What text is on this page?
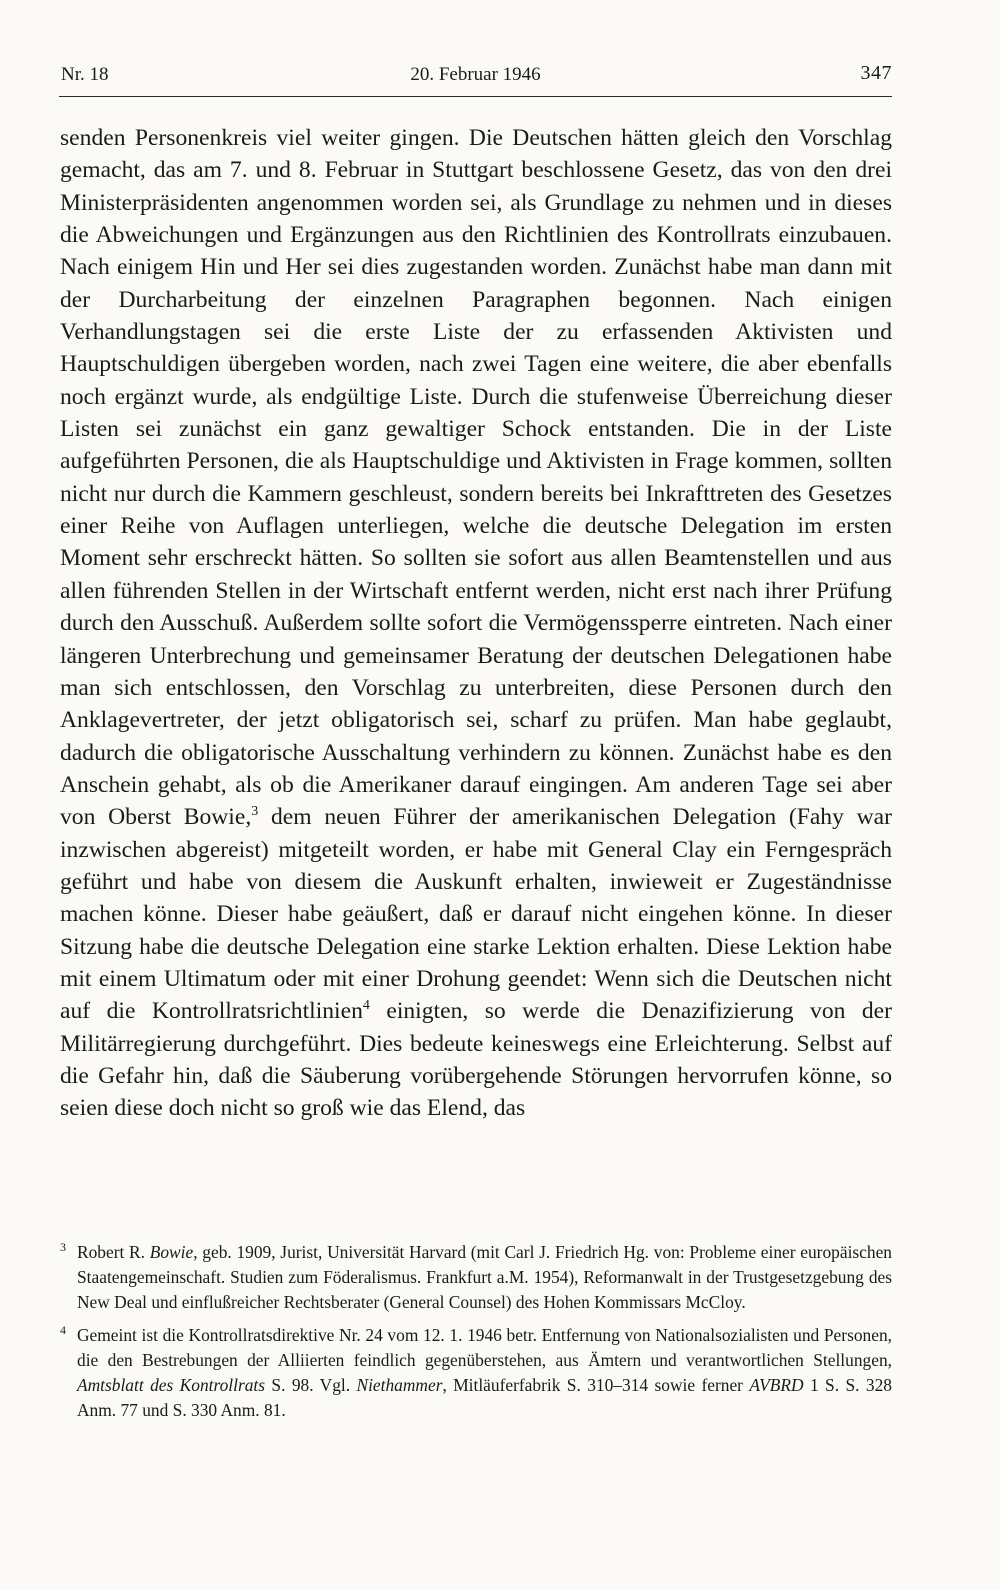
Nr. 18	20. Februar 1946	347

senden Personenkreis viel weiter gingen. Die Deutschen hätten gleich den Vorschlag gemacht, das am 7. und 8. Februar in Stuttgart beschlossene Gesetz, das von den drei Ministerpräsidenten angenommen worden sei, als Grundlage zu nehmen und in dieses die Abweichungen und Ergänzungen aus den Richtlinien des Kontrollrats einzubauen. Nach einigem Hin und Her sei dies zugestanden worden. Zunächst habe man dann mit der Durcharbeitung der einzelnen Paragraphen begonnen. Nach einigen Verhandlungstagen sei die erste Liste der zu erfassenden Aktivisten und Hauptschuldigen übergeben worden, nach zwei Tagen eine weitere, die aber ebenfalls noch ergänzt wurde, als endgültige Liste. Durch die stufenweise Überreichung dieser Listen sei zunächst ein ganz gewaltiger Schock entstanden. Die in der Liste aufgeführten Personen, die als Hauptschuldige und Aktivisten in Frage kommen, sollten nicht nur durch die Kammern geschleust, sondern bereits bei Inkrafttreten des Gesetzes einer Reihe von Auflagen unterliegen, welche die deutsche Delegation im ersten Moment sehr erschreckt hätten. So sollten sie sofort aus allen Beamtenstellen und aus allen führenden Stellen in der Wirtschaft entfernt werden, nicht erst nach ihrer Prüfung durch den Ausschuß. Außerdem sollte sofort die Vermögenssperre eintreten. Nach einer längeren Unterbrechung und gemeinsamer Beratung der deutschen Delegationen habe man sich entschlossen, den Vorschlag zu unterbreiten, diese Personen durch den Anklagevertreter, der jetzt obligatorisch sei, scharf zu prüfen. Man habe geglaubt, dadurch die obligatorische Ausschaltung verhindern zu können. Zunächst habe es den Anschein gehabt, als ob die Amerikaner darauf eingingen. Am anderen Tage sei aber von Oberst Bowie,$^3$ dem neuen Führer der amerikanischen Delegation (Fahy war inzwischen abgereist) mitgeteilt worden, er habe mit General Clay ein Ferngespräch geführt und habe von diesem die Auskunft erhalten, inwieweit er Zugeständnisse machen könne. Dieser habe geäußert, daß er darauf nicht eingehen könne. In dieser Sitzung habe die deutsche Delegation eine starke Lektion erhalten. Diese Lektion habe mit einem Ultimatum oder mit einer Drohung geendet: Wenn sich die Deutschen nicht auf die Kontrollratsrichtlinien$^4$ einigten, so werde die Denazifizierung von der Militärregierung durchgeführt. Dies bedeute keineswegs eine Erleichterung. Selbst auf die Gefahr hin, daß die Säuberung vorübergehende Störungen hervorrufen könne, so seien diese doch nicht so groß wie das Elend, das

3 Robert R. Bowie, geb. 1909, Jurist, Universität Harvard (mit Carl J. Friedrich Hg. von: Probleme einer europäischen Staatengemeinschaft. Studien zum Föderalismus. Frankfurt a.M. 1954), Reformanwalt in der Trustgesetzgebung des New Deal und einflußreicher Rechtsberater (General Counsel) des Hohen Kommissars McCloy.
4 Gemeint ist die Kontrollratsdirektive Nr. 24 vom 12. 1. 1946 betr. Entfernung von Nationalsozialisten und Personen, die den Bestrebungen der Alliierten feindlich gegenüberstehen, aus Ämtern und verantwortlichen Stellungen, Amtsblatt des Kontrollrats S. 98. Vgl. Niethammer, Mitläuferfabrik S. 310–314 sowie ferner AVBRD 1 S. S. 328 Anm. 77 und S. 330 Anm. 81.
